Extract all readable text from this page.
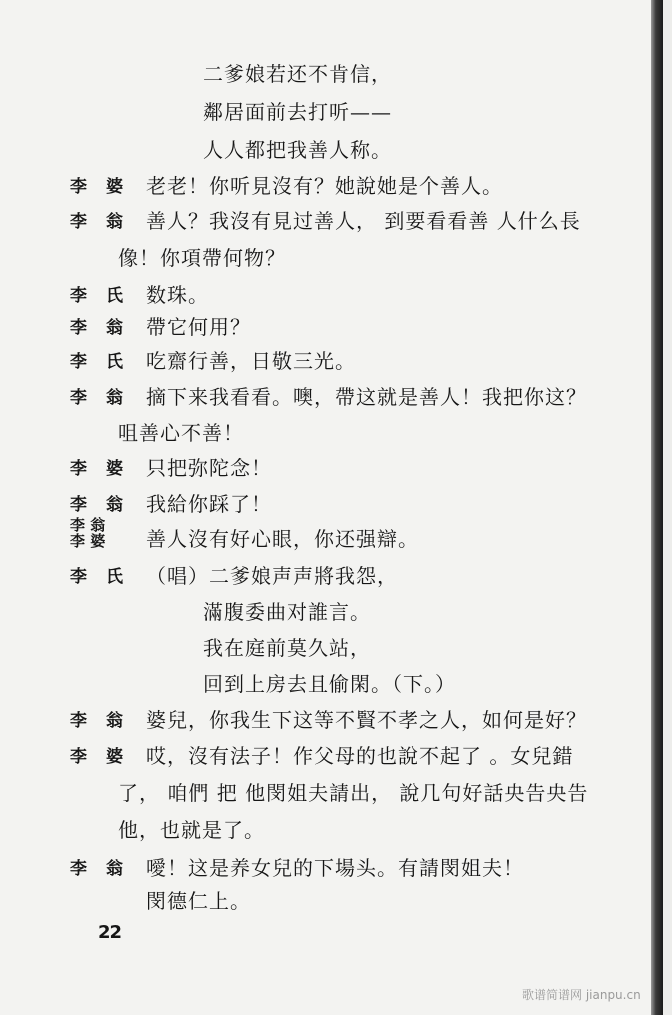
二爹娘若还不肯信，
鄰居面前去打听——
人人都把我善人称。
李 婆	老老！你听見沒有？她說她是个善人。
李 翁	善人？我沒有見过善人， 到要看看善 人什么長
像！你項帶何物？
李 氏	数珠。
李 翁	帶它何用？
李 氏	吃齋行善，日敬三光。
李 翁	摘下来我看看。噢，帶这就是善人！我把你这？
咀善心不善！
李 婆	只把弥陀念！
李 翁	我給你踩了！
李 翁
李 婆	善人沒有好心眼，你还强辯。
李 氏	（唱）二爹娘声声將我怨，
滿腹委曲对誰言。
我在庭前莫久站，
回到上房去且偷閑。（下。）
李 翁	婆兒，你我生下这等不賢不孝之人，如何是好？
李 婆	哎，沒有法子！作父母的也說不起了 。女兒錯
了， 咱們 把 他閔姐夫請出， 說几句好話央告央告
他，也就是了。
李 翁	噯！这是养女兒的下場头。有請閔姐夫！
閔德仁上。
22
歌谱简谱网 jianpu.cn
